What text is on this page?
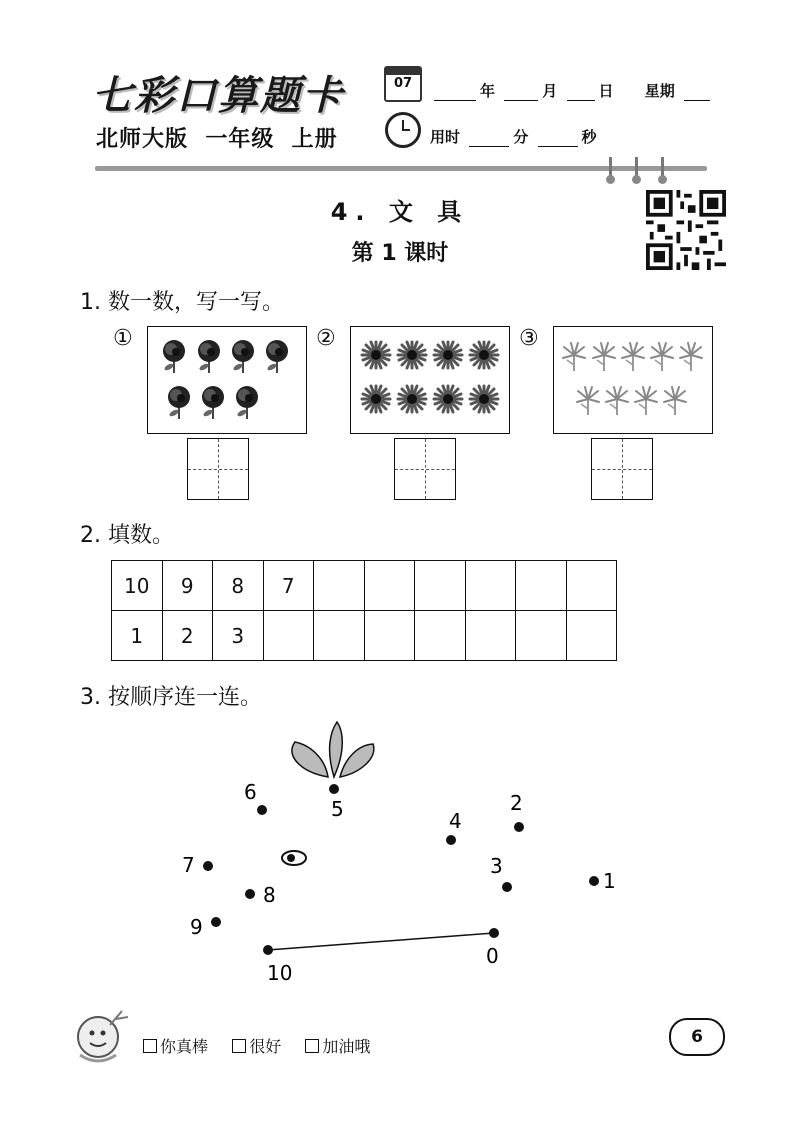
七彩口算题卡
北师大版  一年级  上册
07	年	月	日 星期
用时	分	秒
4. 文 具
第 1 课时
1. 数一数，写一写。
①	②	③
2. 填数。
10	9	8	7						
1	2	3							
3. 按顺序连一连。
0
1
2
3
4
5
6
7
8
9
10
你真棒	很好	加油哦	6
